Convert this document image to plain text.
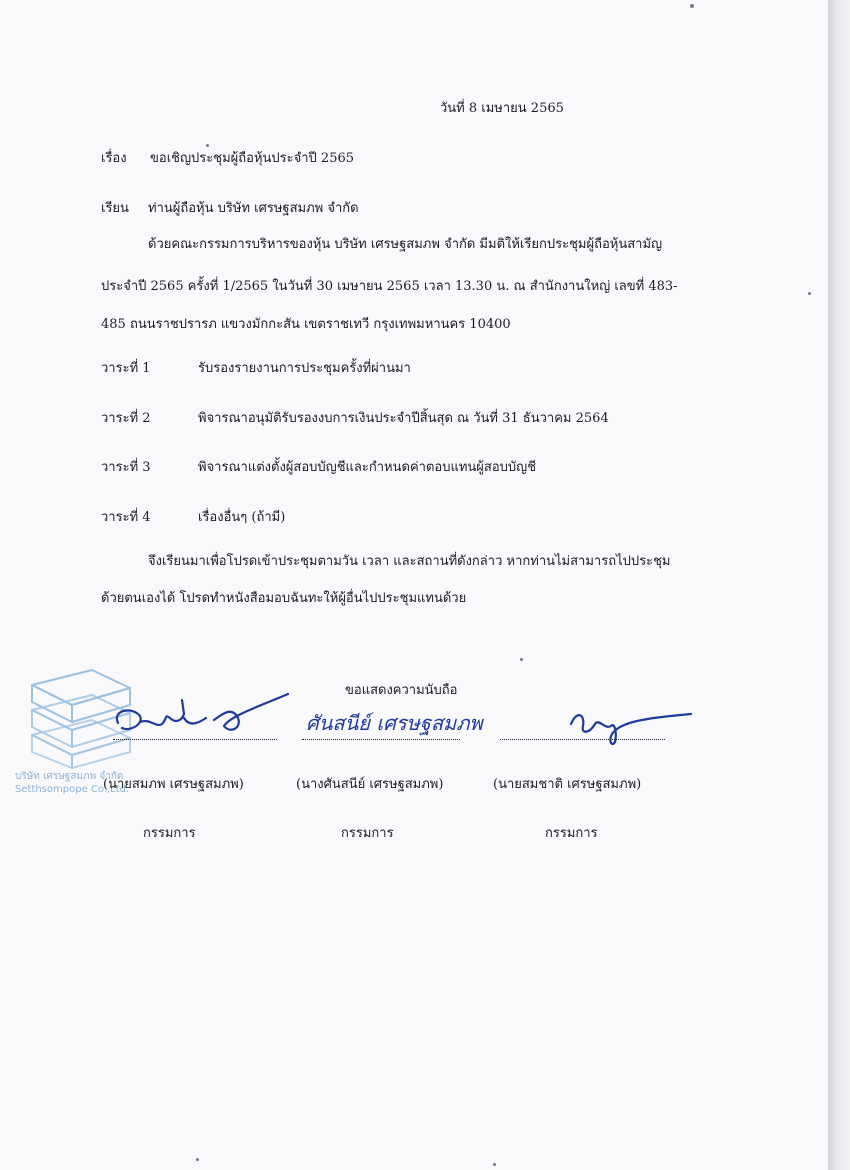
วันที่ 8 เมษายน 2565
เรื่อง ขอเชิญประชุมผู้ถือหุ้นประจำปี 2565
เรียน ท่านผู้ถือหุ้น บริษัท เศรษฐสมภพ จำกัด
ด้วยคณะกรรมการบริหารของหุ้น บริษัท เศรษฐสมภพ จำกัด มีมติให้เรียกประชุมผู้ถือหุ้นสามัญ
ประจำปี 2565 ครั้งที่ 1/2565 ในวันที่ 30 เมษายน 2565 เวลา 13.30 น. ณ สำนักงานใหญ่ เลขที่ 483-
485 ถนนราชปรารภ แขวงมักกะสัน เขตราชเทวี กรุงเทพมหานคร 10400
วาระที่ 1	รับรองรายงานการประชุมครั้งที่ผ่านมา
วาระที่ 2	พิจารณาอนุมัติรับรองงบการเงินประจำปีสิ้นสุด ณ วันที่ 31 ธันวาคม 2564
วาระที่ 3	พิจารณาแต่งตั้งผู้สอบบัญชีและกำหนดค่าตอบแทนผู้สอบบัญชี
วาระที่ 4	เรื่องอื่นๆ (ถ้ามี)
จึงเรียนมาเพื่อโปรดเข้าประชุมตามวัน เวลา และสถานที่ดังกล่าว หากท่านไม่สามารถไปประชุม
ด้วยตนเองได้ โปรดทำหนังสือมอบฉันทะให้ผู้อื่นไปประชุมแทนด้วย
ขอแสดงความนับถือ
บริษัท เศรษฐสมภพ จำกัด
Setthsompope Co.,Ltd.
ศันสนีย์ เศรษฐสมภพ
(นายสมภพ เศรษฐสมภพ)	(นางศันสนีย์ เศรษฐสมภพ)	(นายสมชาติ เศรษฐสมภพ)
กรรมการ	กรรมการ	กรรมการ
